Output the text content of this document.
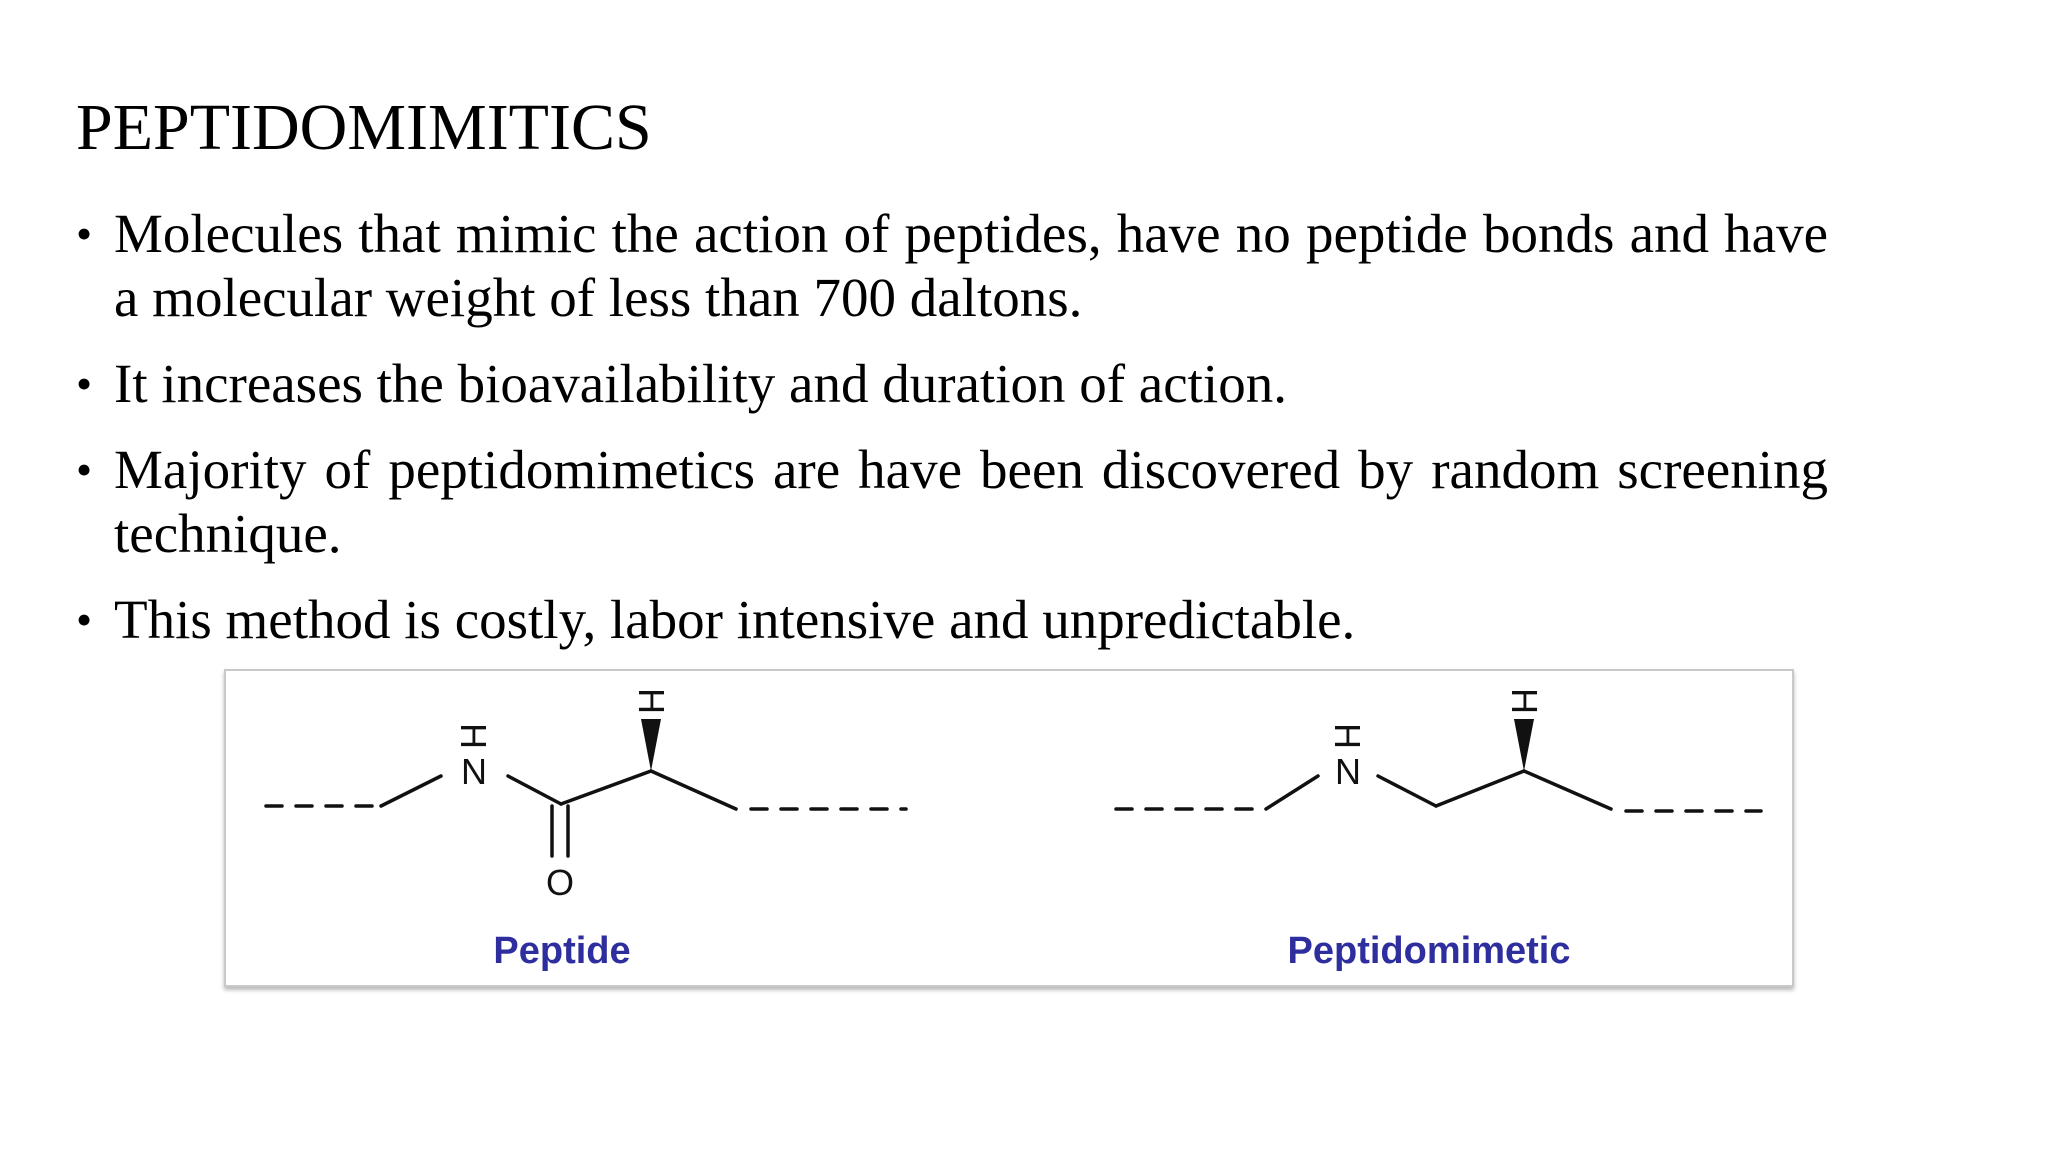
PEPTIDOMIMITICS
• Molecules that mimic the action of peptides, have no peptide bonds and have a molecular weight of less than 700 daltons.
• It increases the bioavailability and duration of action.
• Majority of peptidomimetics are have been discovered by random screening technique.
• This method is costly, labor intensive and unpredictable.
H
N
O
H
Peptide
H
N
H
Peptidomimetic
